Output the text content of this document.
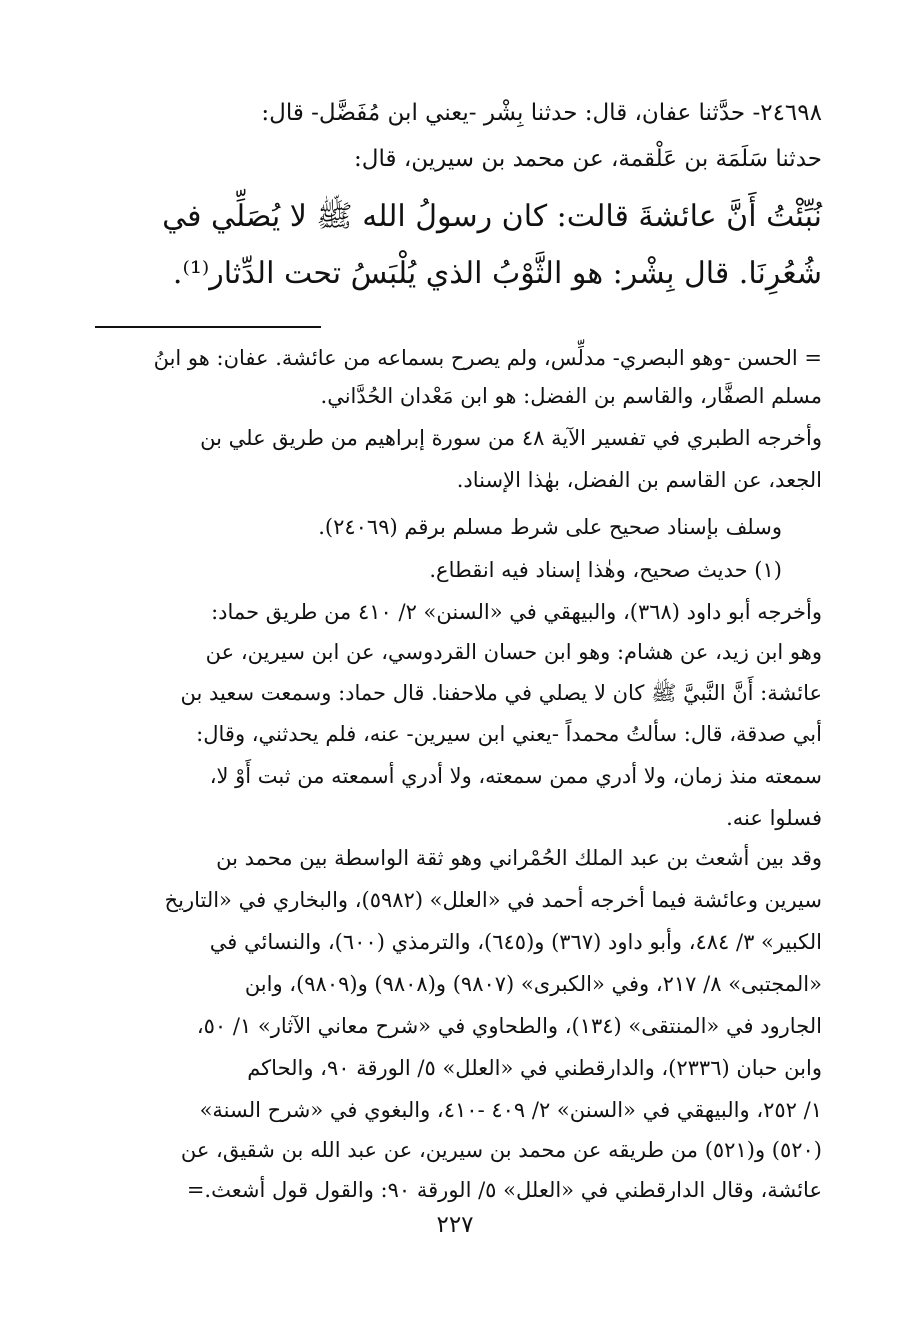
٢٤٦٩٨- حدَّثنا عفان، قال: حدثنا بِشْر -يعني ابن مُفَضَّل- قال:
حدثنا سَلَمَة بن عَلْقمة، عن محمد بن سيرين، قال:
نُبِّئْتُ أَنَّ عائشةَ قالت: كان رسولُ الله ﷺ لا يُصَلِّي في
شُعُرِنَا. قال بِشْر: هو الثَّوْبُ الذي يُلْبَسُ تحت الدِّثار⁽¹⁾.
= الحسن -وهو البصري- مدلِّس، ولم يصرح بسماعه من عائشة. عفان: هو ابنُ
مسلم الصفَّار، والقاسم بن الفضل: هو ابن مَعْدان الحُدَّاني.
وأخرجه الطبري في تفسير الآية ٤٨ من سورة إبراهيم من طريق علي بن
الجعد، عن القاسم بن الفضل، بهٰذا الإسناد.
وسلف بإسناد صحيح على شرط مسلم برقم (٢٤٠٦٩).
(١) حديث صحيح، وهٰذا إسناد فيه انقطاع.
وأخرجه أبو داود (٣٦٨)، والبيهقي في «السنن» ٢/ ٤١٠ من طريق حماد:
وهو ابن زيد، عن هشام: وهو ابن حسان القردوسي، عن ابن سيرين، عن
عائشة: أَنَّ النَّبيَّ ﷺ كان لا يصلي في ملاحفنا. قال حماد: وسمعت سعيد بن
أبي صدقة، قال: سألتُ محمداً -يعني ابن سيرين- عنه، فلم يحدثني، وقال:
سمعته منذ زمان، ولا أدري ممن سمعته، ولا أدري أسمعته من ثبت أَوْ لا،
فسلوا عنه.
وقد بين أشعث بن عبد الملك الحُمْراني وهو ثقة الواسطة بين محمد بن
سيرين وعائشة فيما أخرجه أحمد في «العلل» (٥٩٨٢)، والبخاري في «التاريخ
الكبير» ٣/ ٤٨٤، وأبو داود (٣٦٧) و(٦٤٥)، والترمذي (٦٠٠)، والنسائي في
«المجتبى» ٨/ ٢١٧، وفي «الكبرى» (٩٨٠٧) و(٩٨٠٨) و(٩٨٠٩)، وابن
الجارود في «المنتقى» (١٣٤)، والطحاوي في «شرح معاني الآثار» ١/ ٥٠،
وابن حبان (٢٣٣٦)، والدارقطني في «العلل» ٥/ الورقة ٩٠، والحاكم
١/ ٢٥٢، والبيهقي في «السنن» ٢/ ٤٠٩ -٤١٠، والبغوي في «شرح السنة»
(٥٢٠) و(٥٢١) من طريقه عن محمد بن سيرين، عن عبد الله بن شقيق، عن
عائشة، وقال الدارقطني في «العلل» ٥/ الورقة ٩٠: والقول قول أشعث.=
٢٢٧
